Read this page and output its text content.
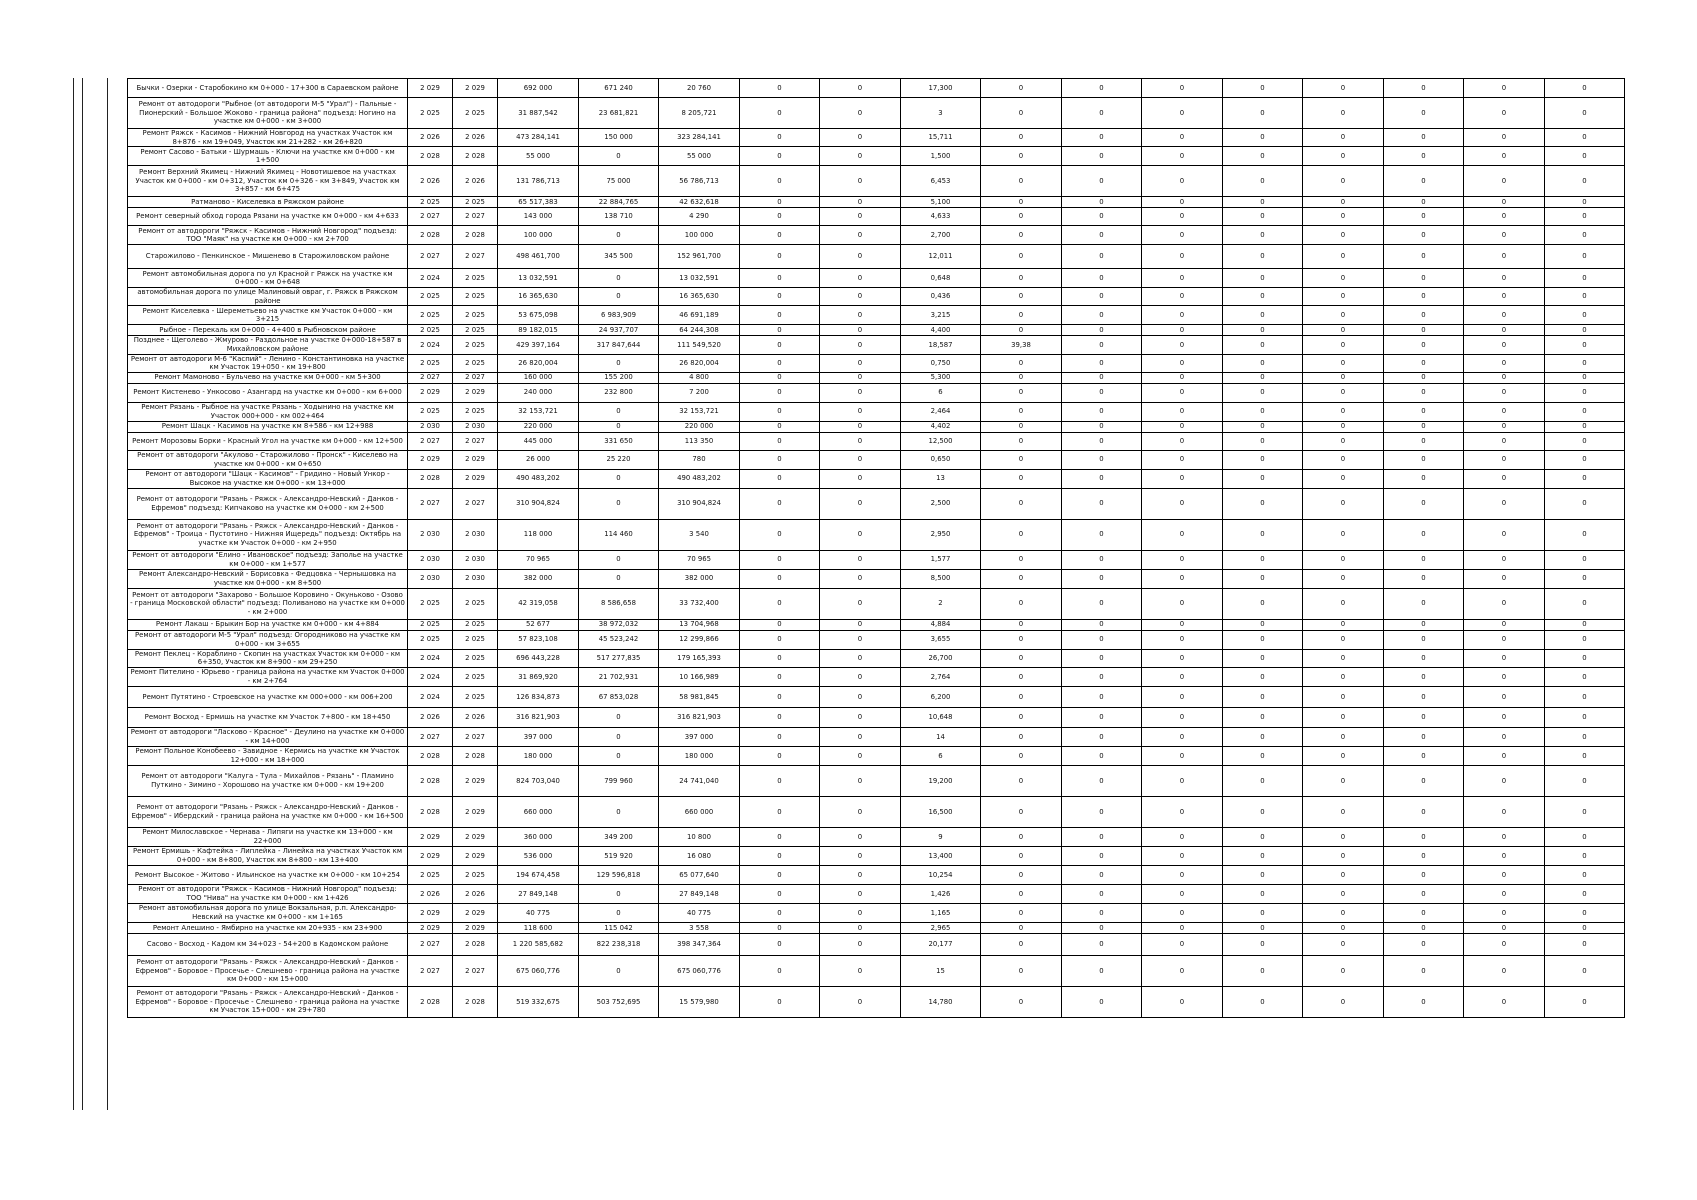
Бычки - Озерки - Старобокино км 0+000 - 17+300 в Сараевском районе	2 029	2 029	692 000	671 240	20 760	0	0	17,300	0	0	0	0	0	0	0	0
Ремонт от автодороги "Рыбное (от автодороги М-5 "Урал") - Пальные - Пионерский - Большое Жоково - граница района" подъезд: Ногино на участке км 0+000 - км 3+000	2 025	2 025	31 887,542	23 681,821	8 205,721	0	0	3	0	0	0	0	0	0	0	0
Ремонт Ряжск - Касимов - Нижний Новгород на участках Участок км 8+876 - км 19+049, Участок км 21+282 - км 26+820	2 026	2 026	473 284,141	150 000	323 284,141	0	0	15,711	0	0	0	0	0	0	0	0
Ремонт Сасово - Батьки - Шурмашь - Ключи на участке км 0+000 - км 1+500	2 028	2 028	55 000	0	55 000	0	0	1,500	0	0	0	0	0	0	0	0
Ремонт Верхний Якимец - Нижний Якимец - Новотишевое на участках Участок км 0+000 - км 0+312, Участок км 0+326 - км 3+849, Участок км 3+857 - км 6+475	2 026	2 026	131 786,713	75 000	56 786,713	0	0	6,453	0	0	0	0	0	0	0	0
Ратманово - Киселевка в Ряжском районе	2 025	2 025	65 517,383	22 884,765	42 632,618	0	0	5,100	0	0	0	0	0	0	0	0
Ремонт северный обход города Рязани на участке км 0+000 - км 4+633	2 027	2 027	143 000	138 710	4 290	0	0	4,633	0	0	0	0	0	0	0	0
Ремонт от автодороги "Ряжск - Касимов - Нижний Новгород" подъезд: ТОО "Маяк" на участке км 0+000 - км 2+700	2 028	2 028	100 000	0	100 000	0	0	2,700	0	0	0	0	0	0	0	0
Старожилово - Пенкинское - Мишенево в Старожиловском районе	2 027	2 027	498 461,700	345 500	152 961,700	0	0	12,011	0	0	0	0	0	0	0	0
Ремонт автомобильная дорога по ул Красной г Ряжск на участке км 0+000 - км 0+648	2 024	2 025	13 032,591	0	13 032,591	0	0	0,648	0	0	0	0	0	0	0	0
автомобильная дорога по улице Малиновый овраг, г. Ряжск в Ряжском районе	2 025	2 025	16 365,630	0	16 365,630	0	0	0,436	0	0	0	0	0	0	0	0
Ремонт Киселевка - Шереметьево на участке км Участок 0+000 - км 3+215	2 025	2 025	53 675,098	6 983,909	46 691,189	0	0	3,215	0	0	0	0	0	0	0	0
Рыбное - Перекаль км 0+000 - 4+400 в Рыбновском районе	2 025	2 025	89 182,015	24 937,707	64 244,308	0	0	4,400	0	0	0	0	0	0	0	0
Позднее - Щеголево - Жмурово - Раздольное на участке 0+000-18+587 в Михайловском районе	2 024	2 025	429 397,164	317 847,644	111 549,520	0	0	18,587	39,38	0	0	0	0	0	0	0
Ремонт от автодороги М-6 "Каспий" - Ленино - Константиновка на участке км Участок 19+050 - км 19+800	2 025	2 025	26 820,004	0	26 820,004	0	0	0,750	0	0	0	0	0	0	0	0
Ремонт Мамоново - Бульчево на участке км 0+000 - км 5+300	2 027	2 027	160 000	155 200	4 800	0	0	5,300	0	0	0	0	0	0	0	0
Ремонт Кистенево - Ункосово - Азангард на участке км 0+000 - км 6+000	2 029	2 029	240 000	232 800	7 200	0	0	6	0	0	0	0	0	0	0	0
Ремонт Рязань - Рыбное на участке Рязань - Ходынино на участке км Участок 000+000 - км 002+464	2 025	2 025	32 153,721	0	32 153,721	0	0	2,464	0	0	0	0	0	0	0	0
Ремонт Шацк - Касимов на участке км 8+586 - км 12+988	2 030	2 030	220 000	0	220 000	0	0	4,402	0	0	0	0	0	0	0	0
Ремонт Морозовы Борки - Красный Угол на участке км 0+000 - км 12+500	2 027	2 027	445 000	331 650	113 350	0	0	12,500	0	0	0	0	0	0	0	0
Ремонт от автодороги "Акулово - Старожилово - Пронск" - Киселево на участке км 0+000 - км 0+650	2 029	2 029	26 000	25 220	780	0	0	0,650	0	0	0	0	0	0	0	0
Ремонт от автодороги "Шацк - Касимов" - Гридино - Новый Ункор - Высокое на участке км 0+000 - км 13+000	2 028	2 029	490 483,202	0	490 483,202	0	0	13	0	0	0	0	0	0	0	0
Ремонт от автодороги "Рязань - Ряжск - Александро-Невский - Данков - Ефремов" подъезд: Кипчаково на участке км 0+000 - км 2+500	2 027	2 027	310 904,824	0	310 904,824	0	0	2,500	0	0	0	0	0	0	0	0
Ремонт от автодороги "Рязань - Ряжск - Александро-Невский - Данков - Ефремов" - Троица - Пустотино - Нижняя Ищередь" подъезд: Октябрь на участке км Участок 0+000 - км 2+950	2 030	2 030	118 000	114 460	3 540	0	0	2,950	0	0	0	0	0	0	0	0
Ремонт от автодороги "Елино - Ивановское" подъезд: Заполье на участке км 0+000 - км 1+577	2 030	2 030	70 965	0	70 965	0	0	1,577	0	0	0	0	0	0	0	0
Ремонт Александро-Невский - Борисовка - Федцовка - Чернышовка на участке км 0+000 - км 8+500	2 030	2 030	382 000	0	382 000	0	0	8,500	0	0	0	0	0	0	0	0
Ремонт от автодороги "Захарово - Большое Коровино - Окуньково - Озово - граница Московской области" подъезд: Поливаново на участке км 0+000 - км 2+000	2 025	2 025	42 319,058	8 586,658	33 732,400	0	0	2	0	0	0	0	0	0	0	0
Ремонт Лакаш - Брыкин Бор на участке км 0+000 - км 4+884	2 025	2 025	52 677	38 972,032	13 704,968	0	0	4,884	0	0	0	0	0	0	0	0
Ремонт от автодороги М-5 "Урал" подъезд: Огородниково на участке км 0+000 - км 3+655	2 025	2 025	57 823,108	45 523,242	12 299,866	0	0	3,655	0	0	0	0	0	0	0	0
Ремонт Пеклец - Кораблино - Скопин на участках Участок км 0+000 - км 6+350, Участок км 8+900 - км 29+250	2 024	2 025	696 443,228	517 277,835	179 165,393	0	0	26,700	0	0	0	0	0	0	0	0
Ремонт Пителино - Юрьево - граница района на участке км Участок 0+000 - км 2+764	2 024	2 025	31 869,920	21 702,931	10 166,989	0	0	2,764	0	0	0	0	0	0	0	0
Ремонт Путятино - Строевское на участке км 000+000 - км 006+200	2 024	2 025	126 834,873	67 853,028	58 981,845	0	0	6,200	0	0	0	0	0	0	0	0
Ремонт Восход - Ермишь на участке км Участок 7+800 - км 18+450	2 026	2 026	316 821,903	0	316 821,903	0	0	10,648	0	0	0	0	0	0	0	0
Ремонт от автодороги "Ласково - Красное" - Деулино на участке км 0+000 - км 14+000	2 027	2 027	397 000	0	397 000	0	0	14	0	0	0	0	0	0	0	0
Ремонт Польное Конобеево - Завидное - Кермись на участке км Участок 12+000 - км 18+000	2 028	2 028	180 000	0	180 000	0	0	6	0	0	0	0	0	0	0	0
Ремонт от автодороги "Калуга - Тула - Михайлов - Рязань" - Пламино Путкино - Зимино - Хорошово на участке км 0+000 - км 19+200	2 028	2 029	824 703,040	799 960	24 741,040	0	0	19,200	0	0	0	0	0	0	0	0
Ремонт от автодороги "Рязань - Ряжск - Александро-Невский - Данков - Ефремов" - Ибердский - граница района на участке км 0+000 - км 16+500	2 028	2 029	660 000	0	660 000	0	0	16,500	0	0	0	0	0	0	0	0
Ремонт Милославское - Чернава - Липяги на участке км 13+000 - км 22+000	2 029	2 029	360 000	349 200	10 800	0	0	9	0	0	0	0	0	0	0	0
Ремонт Ермишь - Кафтейка - Липлейка - Линейка на участках Участок км 0+000 - км 8+800, Участок км 8+800 - км 13+400	2 029	2 029	536 000	519 920	16 080	0	0	13,400	0	0	0	0	0	0	0	0
Ремонт Высокое - Житово - Ильинское на участке км 0+000 - км 10+254	2 025	2 025	194 674,458	129 596,818	65 077,640	0	0	10,254	0	0	0	0	0	0	0	0
Ремонт от автодороги "Ряжск - Касимов - Нижний Новгород" подъезд: ТОО "Нива" на участке км 0+000 - км 1+426	2 026	2 026	27 849,148	0	27 849,148	0	0	1,426	0	0	0	0	0	0	0	0
Ремонт автомобильная дорога по улице Вокзальная, р.п. Александро-Невский на участке км 0+000 - км 1+165	2 029	2 029	40 775	0	40 775	0	0	1,165	0	0	0	0	0	0	0	0
Ремонт Алешино - Ямбирно на участке км 20+935 - км 23+900	2 029	2 029	118 600	115 042	3 558	0	0	2,965	0	0	0	0	0	0	0	0
Сасово - Восход - Кадом км 34+023 - 54+200 в Кадомском районе	2 027	2 028	1 220 585,682	822 238,318	398 347,364	0	0	20,177	0	0	0	0	0	0	0	0
Ремонт от автодороги "Рязань - Ряжск - Александро-Невский - Данков - Ефремов" - Боровое - Просечье - Слешнево - граница района на участке км 0+000 - км 15+000	2 027	2 027	675 060,776	0	675 060,776	0	0	15	0	0	0	0	0	0	0	0
Ремонт от автодороги "Рязань - Ряжск - Александро-Невский - Данков - Ефремов" - Боровое - Просечье - Слешнево - граница района на участке км Участок 15+000 - км 29+780	2 028	2 028	519 332,675	503 752,695	15 579,980	0	0	14,780	0	0	0	0	0	0	0	0
